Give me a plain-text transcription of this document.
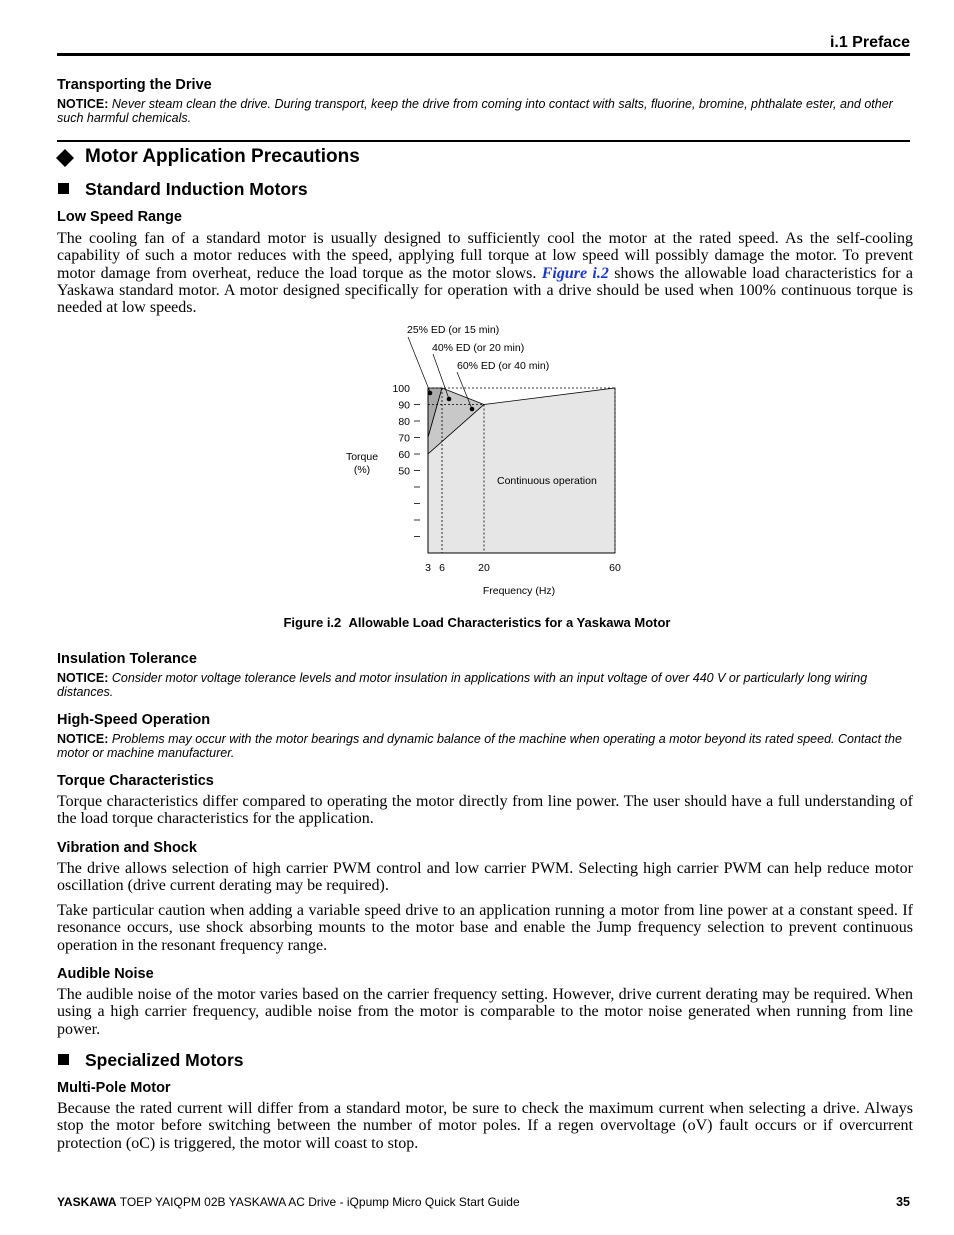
i.1 Preface
Transporting the Drive
NOTICE: Never steam clean the drive. During transport, keep the drive from coming into contact with salts, fluorine, bromine, phthalate ester, and other such harmful chemicals.
Motor Application Precautions
Standard Induction Motors
Low Speed Range
The cooling fan of a standard motor is usually designed to sufficiently cool the motor at the rated speed. As the self-cooling capability of such a motor reduces with the speed, applying full torque at low speed will possibly damage the motor. To prevent motor damage from overheat, reduce the load torque as the motor slows. Figure i.2 shows the allowable load characteristics for a Yaskawa standard motor. A motor designed specifically for operation with a drive should be used when 100% continuous torque is needed at low speeds.
25% ED (or 15 min)
40% ED (or 20 min)
60% ED (or 40 min)
Continuous operation
Torque
(%)
Frequency (Hz)
100
90
80
70
60
50
3 6	20	60
Figure i.2 Allowable Load Characteristics for a Yaskawa Motor
Insulation Tolerance
NOTICE: Consider motor voltage tolerance levels and motor insulation in applications with an input voltage of over 440 V or particularly long wiring distances.
High-Speed Operation
NOTICE: Problems may occur with the motor bearings and dynamic balance of the machine when operating a motor beyond its rated speed. Contact the motor or machine manufacturer.
Torque Characteristics
Torque characteristics differ compared to operating the motor directly from line power. The user should have a full understanding of the load torque characteristics for the application.
Vibration and Shock
The drive allows selection of high carrier PWM control and low carrier PWM. Selecting high carrier PWM can help reduce motor oscillation (drive current derating may be required).
Take particular caution when adding a variable speed drive to an application running a motor from line power at a constant speed. If resonance occurs, use shock absorbing mounts to the motor base and enable the Jump frequency selection to prevent continuous operation in the resonant frequency range.
Audible Noise
The audible noise of the motor varies based on the carrier frequency setting. However, drive current derating may be required. When using a high carrier frequency, audible noise from the motor is comparable to the motor noise generated when running from line power.
Specialized Motors
Multi-Pole Motor
Because the rated current will differ from a standard motor, be sure to check the maximum current when selecting a drive. Always stop the motor before switching between the number of motor poles. If a regen overvoltage (oV) fault occurs or if overcurrent protection (oC) is triggered, the motor will coast to stop.
YASKAWA TOEP YAIQPM 02B YASKAWA AC Drive - iQpump Micro Quick Start Guide	35
